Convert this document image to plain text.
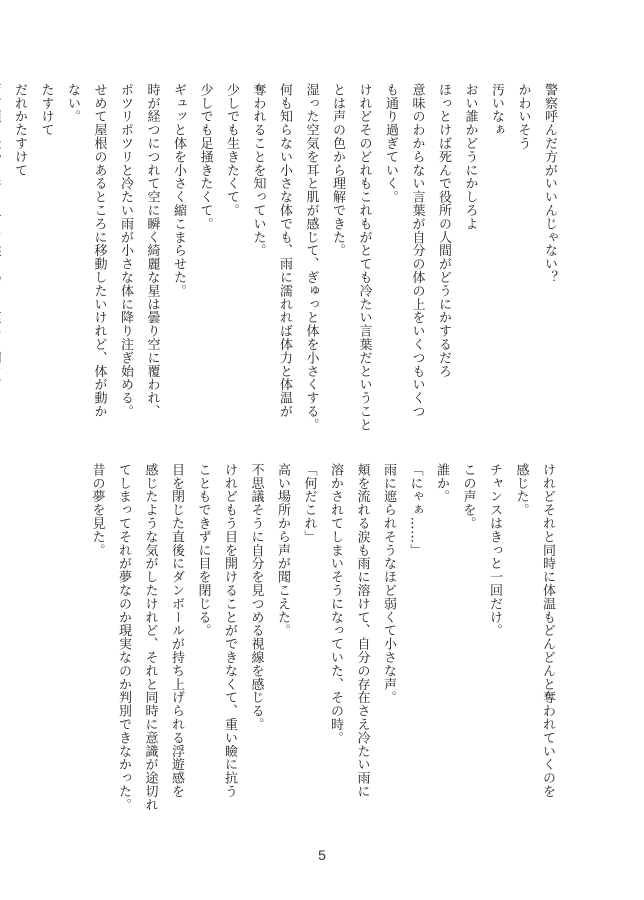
警察呼んだ方がいいんじゃない？
かわいそう
汚いなぁ
おい誰かどうにかしろよ
ほっとけば死んで役所の人間がどうにかするだろ
意味のわからない言葉が自分の体の上をいくつもいくつ
も通り過ぎていく。
けれどそのどれもこれもがとても冷たい言葉だということ
とは声の色から理解できた。
湿った空気を耳と肌が感じて、ぎゅっと体を小さくする。
何も知らない小さな体でも、雨に濡れれば体力と体温が
奪われることを知っていた。
少しでも生きたくて。
少しでも足掻きたくて。
ギュッと体を小さく縮こまらせた。
時が経つにつれて空に瞬く綺麗な星は曇り空に覆われ、
ポツリポツリと冷たい雨が小さな体に降り注ぎ始める。
せめて屋根のあるところに移動したいけれど、体が動か
ない。
たすけて
だれかたすけて
けれどそれと同時に体温もどんどんと奪われていくのを
感じた。
チャンスはきっと一回だけ。
この声を。
誰か。
「にゃぁ……」
雨に遮られそうなほど弱くて小さな声。
頬を流れる涙も雨に溶けて、自分の存在さえ冷たい雨に
溶かされてしまいそうになっていた、その時。
「何だこれ」
高い場所から声が聞こえた。
不思議そうに自分を見つめる視線を感じる。
けれどもう目を開けることができなくて、重い瞼に抗う
こともできずに目を閉じる。
目を閉じた直後にダンボールが持ち上げられる浮遊感を
感じたような気がしたけれど、それと同時に意識が途切れ
てしまってそれが夢なのか現実なのか判別できなかった。
昔の夢を見た。
5
